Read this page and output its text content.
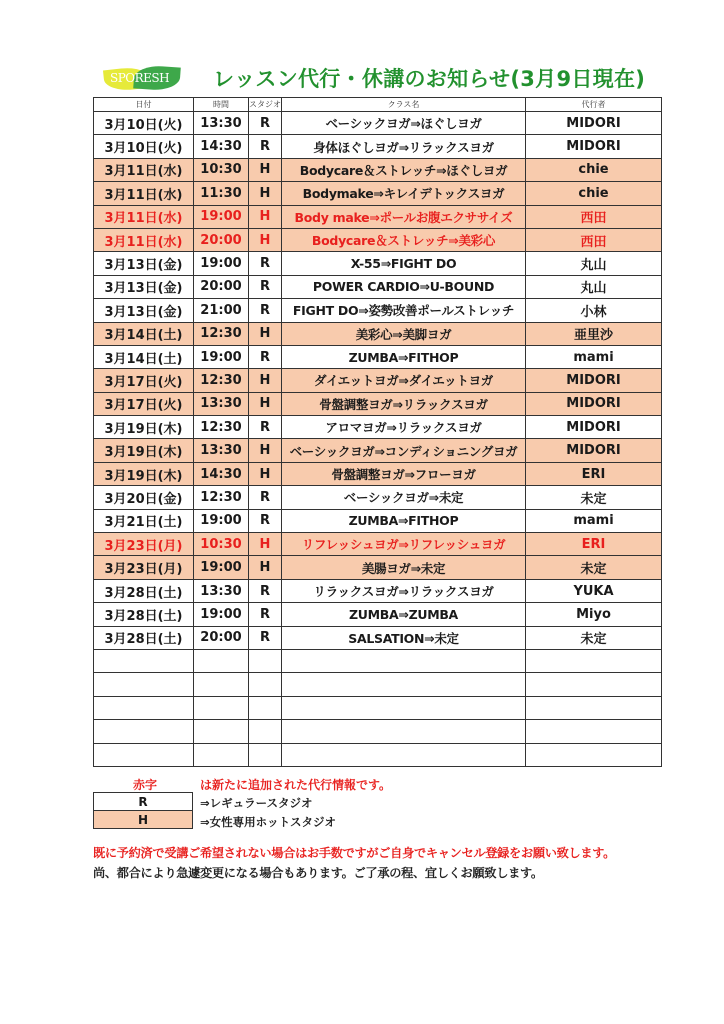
SPORESH レッスン代行・休講のお知らせ(3月9日現在)
日付	時間	スタジオ	クラス名	代行者
3月10日(火)	13:30	R	ベーシックヨガ⇒ほぐしヨガ	MIDORI
3月10日(火)	14:30	R	身体ほぐしヨガ⇒リラックスヨガ	MIDORI
3月11日(水)	10:30	H	Bodycare＆ストレッチ⇒ほぐしヨガ	chie
3月11日(水)	11:30	H	Bodymake⇒キレイデトックスヨガ	chie
3月11日(水)	19:00	H	Body make⇒ポールお腹エクササイズ	西田
3月11日(水)	20:00	H	Bodycare＆ストレッチ⇒美彩心	西田
3月13日(金)	19:00	R	X-55⇒FIGHT DO	丸山
3月13日(金)	20:00	R	POWER CARDIO⇒U-BOUND	丸山
3月13日(金)	21:00	R	FIGHT DO⇒姿勢改善ポールストレッチ	小林
3月14日(土)	12:30	H	美彩心⇒美脚ヨガ	亜里沙
3月14日(土)	19:00	R	ZUMBA⇒FITHOP	mami
3月17日(火)	12:30	H	ダイエットヨガ⇒ダイエットヨガ	MIDORI
3月17日(火)	13:30	H	骨盤調整ヨガ⇒リラックスヨガ	MIDORI
3月19日(木)	12:30	R	アロマヨガ⇒リラックスヨガ	MIDORI
3月19日(木)	13:30	H	ベーシックヨガ⇒コンディショニングヨガ	MIDORI
3月19日(木)	14:30	H	骨盤調整ヨガ⇒フローヨガ	ERI
3月20日(金)	12:30	R	ベーシックヨガ⇒未定	未定
3月21日(土)	19:00	R	ZUMBA⇒FITHOP	mami
3月23日(月)	10:30	H	リフレッシュヨガ⇒リフレッシュヨガ	ERI
3月23日(月)	19:00	H	美腸ヨガ⇒未定	未定
3月28日(土)	13:30	R	リラックスヨガ⇒リラックスヨガ	YUKA
3月28日(土)	19:00	R	ZUMBA⇒ZUMBA	Miyo
3月28日(土)	20:00	R	SALSATION⇒未定	未定

赤字	は新たに追加された代行情報です。
R	⇒レギュラースタジオ
H	⇒女性専用ホットスタジオ
既に予約済で受講ご希望されない場合はお手数ですがご自身でキャンセル登録をお願い致します。
尚、都合により急遽変更になる場合もあります。ご了承の程、宜しくお願致します。
